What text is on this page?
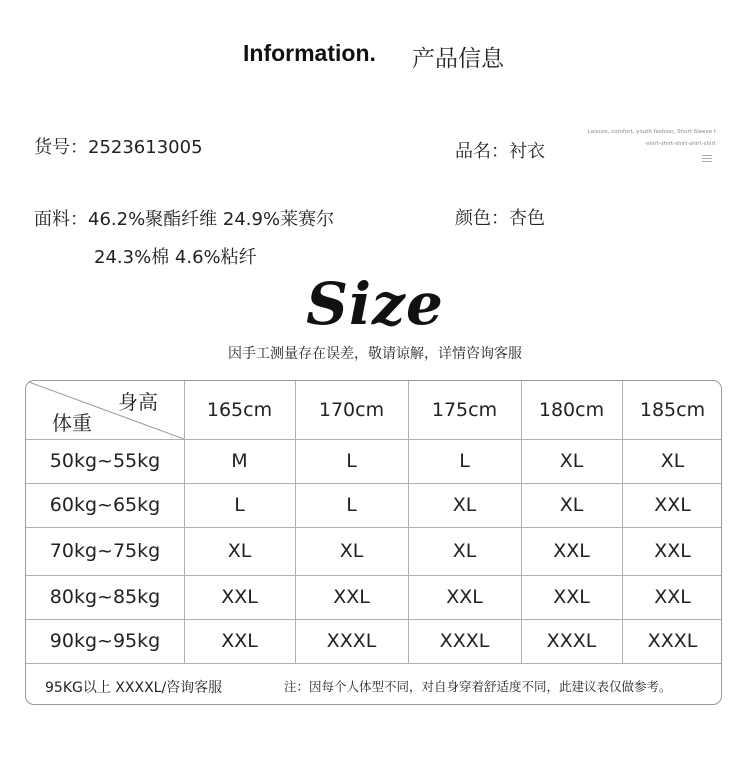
Information. 产品信息
货号：2523613005	品名：衬衣
面料：46.2%聚酯纤维 24.9%莱赛尔
24.3%棉 4.6%粘纤
颜色：杏色
Leisure, comfort, youth fashion, Short Sleeve t
-shirt-shirt-shirt-shirt-shirt
Size
因手工测量存在误差，敬请谅解，详情咨询客服
身高
体重
165cm	170cm	175cm	180cm	185cm
50kg~55kg	M	L	L	XL	XL
60kg~65kg	L	L	XL	XL	XXL
70kg~75kg	XL	XL	XL	XXL	XXL
80kg~85kg	XXL	XXL	XXL	XXL	XXL
90kg~95kg	XXL	XXXL	XXXL	XXXL	XXXL
95KG以上 XXXXL/咨询客服	注：因每个人体型不同，对自身穿着舒适度不同，此建议表仅做参考。
